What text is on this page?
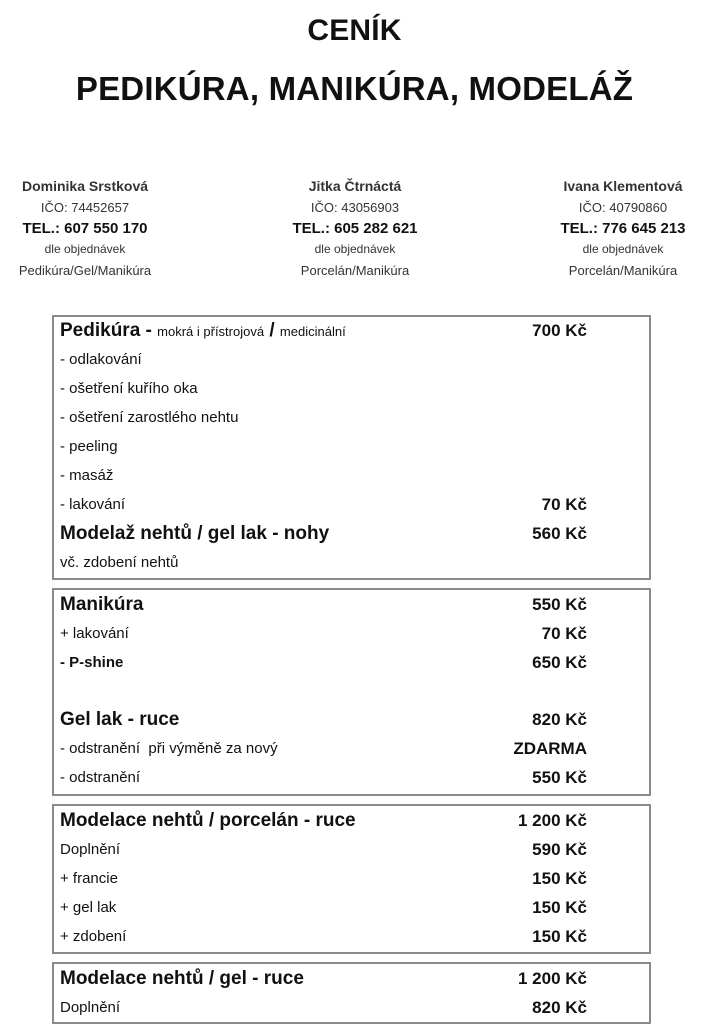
CENÍK
PEDIKÚRA, MANIKÚRA, MODELÁŽ
Dominika Srstková
IČO: 74452657
TEL.: 607 550 170
dle objednávek
Pedikúra/Gel/Manikúra
Jitka Čtrnáctá
IČO: 43056903
TEL.: 605 282 621
dle objednávek
Porcelán/Manikúra
Ivana Klementová
IČO: 40790860
TEL.: 776 645 213
dle objednávek
Porcelán/Manikúra
Pedikúra - mokrá i přístrojová / medicinální	700 Kč
- odlakování
- ošetření kuřího oka
- ošetření zarostlého nehtu
- peeling
- masáž
- lakování	70 Kč
Modelaž nehtů / gel lak - nohy	560 Kč
vč. zdobení nehtů
Manikúra	550 Kč
+ lakování	70 Kč
- P-shine	650 Kč
Gel lak - ruce	820 Kč
- odstranění  při výměně za nový	ZDARMA
- odstranění	550 Kč
Modelace nehtů / porcelán - ruce	1 200 Kč
Doplnění	590 Kč
+ francie	150 Kč
+ gel lak	150 Kč
+ zdobení	150 Kč
Modelace nehtů / gel - ruce	1 200 Kč
Doplnění	820 Kč
